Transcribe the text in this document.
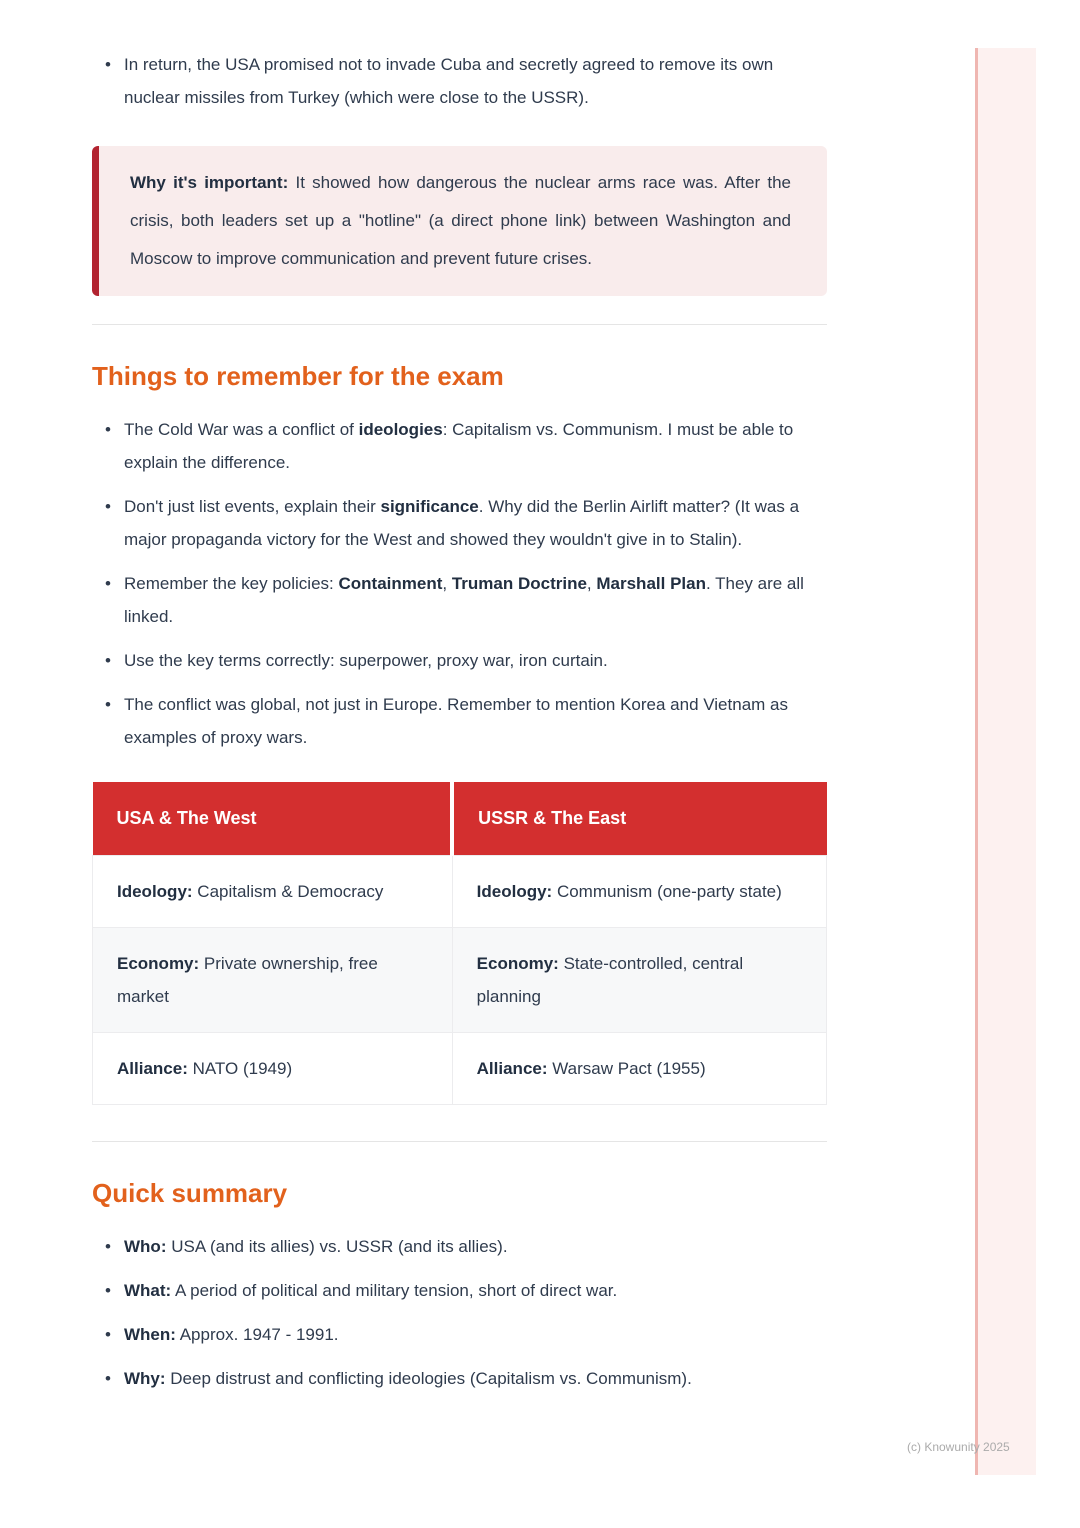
(c) Knowunity 2025
• In return, the USA promised not to invade Cuba and secretly agreed to remove its own nuclear missiles from Turkey (which were close to the USSR).

Why it's important: It showed how dangerous the nuclear arms race was. After the crisis, both leaders set up a "hotline" (a direct phone link) between Washington and Moscow to improve communication and prevent future crises.

Things to remember for the exam
• The Cold War was a conflict of ideologies: Capitalism vs. Communism. I must be able to explain the difference.
• Don't just list events, explain their significance. Why did the Berlin Airlift matter? (It was a major propaganda victory for the West and showed they wouldn't give in to Stalin).
• Remember the key policies: Containment, Truman Doctrine, Marshall Plan. They are all linked.
• Use the key terms correctly: superpower, proxy war, iron curtain.
• The conflict was global, not just in Europe. Remember to mention Korea and Vietnam as examples of proxy wars.
USA & The West	USSR & The East
Ideology: Capitalism & Democracy	Ideology: Communism (one-party state)
Economy: Private ownership, free market	Economy: State-controlled, central planning
Alliance: NATO (1949)	Alliance: Warsaw Pact (1955)
Quick summary
• Who: USA (and its allies) vs. USSR (and its allies).
• What: A period of political and military tension, short of direct war.
• When: Approx. 1947 - 1991.
• Why: Deep distrust and conflicting ideologies (Capitalism vs. Communism).
